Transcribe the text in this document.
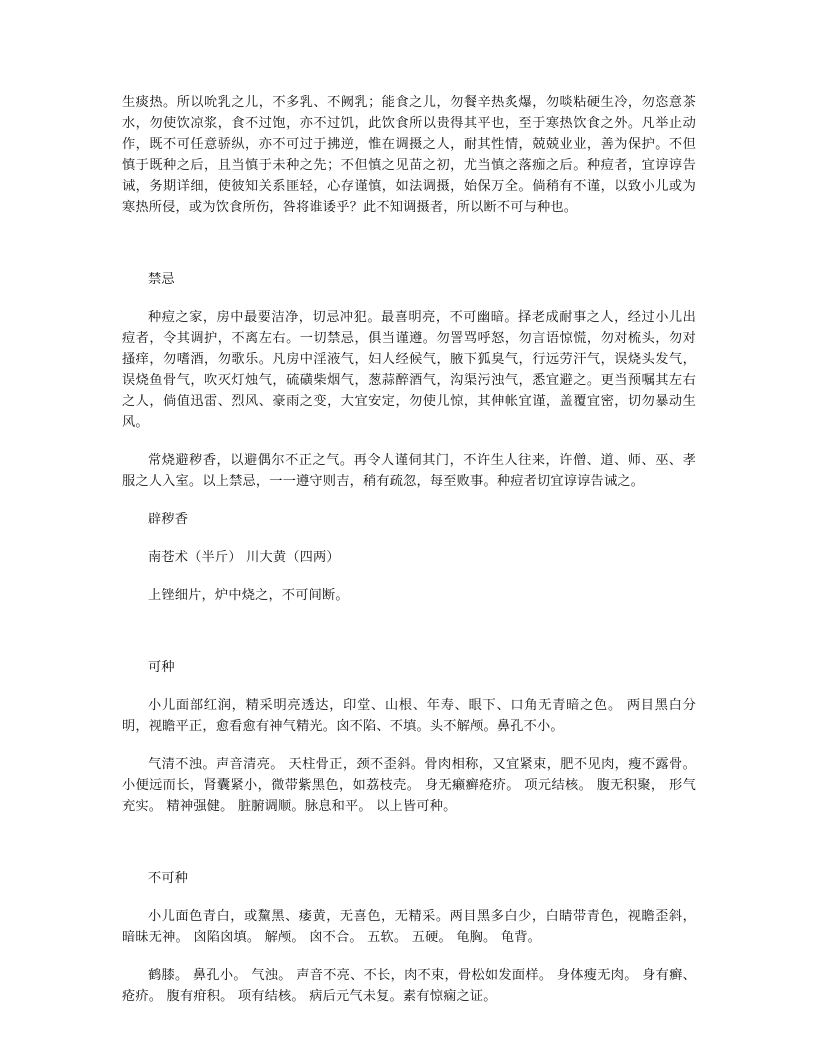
生痰热。所以吮乳之儿，不多乳、不阙乳；能食之儿，勿餐辛热炙爆，勿啖粘硬生冷，勿恣意茶水，勿使饮凉浆，食不过饱，亦不过饥，此饮食所以贵得其平也，至于寒热饮食之外。凡举止动作，既不可任意骄纵，亦不可过于拂逆，惟在调摄之人，耐其性情，兢兢业业，善为保护。不但慎于既种之后，且当慎于未种之先；不但慎之见苗之初，尤当慎之落痂之后。种痘者，宜谆谆告诫，务期详细，使彼知关系匪轻，心存谨慎，如法调摄，始保万全。倘稍有不谨，以致小儿或为寒热所侵，或为饮食所伤，咎将谁诿乎？此不知调摄者，所以断不可与种也。

禁忌

种痘之家，房中最要洁净，切忌冲犯。最喜明亮，不可幽暗。择老成耐事之人，经过小儿出痘者，令其调护，不离左右。一切禁忌，俱当谨遵。勿詈骂呼怒，勿言语惊慌，勿对梳头，勿对搔痒，勿嗜酒，勿歌乐。凡房中淫液气，妇人经候气，腋下狐臭气，行远劳汗气，误烧头发气，误烧鱼骨气，吹灭灯烛气，硫磺柴烟气，葱蒜醉酒气，沟渠污浊气，悉宜避之。更当预嘱其左右之人，倘值迅雷、烈风、豪雨之变，大宜安定，勿使儿惊，其伸帐宜谨，盖覆宜密，切勿暴动生风。

常烧避秽香，以避偶尔不正之气。再令人谨伺其门，不许生人往来，许僧、道、师、巫、孝服之人入室。以上禁忌，一一遵守则吉，稍有疏忽，每至败事。种痘者切宜谆谆告诫之。

辟秽香

南苍术（半斤） 川大黄（四两）

上锉细片，炉中烧之，不可间断。

可种

小儿面部红润，精采明亮透达，印堂、山根、年寿、眼下、口角无青暗之色。 两目黑白分明，视瞻平正，愈看愈有神气精光。囟不陷、不填。头不解颅。鼻孔不小。

气清不浊。声音清亮。 天柱骨正，颈不歪斜。骨肉相称，又宜紧束，肥不见肉，瘦不露骨。小便远而长，肾囊紧小，微带紫黑色，如荔枝壳。 身无癞癣疮疥。 项元结核。 腹无积聚， 形气充实。 精神强健。 脏腑调顺。脉息和平。 以上皆可种。

不可种

小儿面色青白，或黧黑、痿黄，无喜色，无精采。两目黑多白少，白睛带青色，视瞻歪斜，暗昧无神。 囟陷囟填。 解颅。 囟不合。 五软。 五硬。 龟胸。 龟背。

鹤膝。 鼻孔小。 气浊。 声音不亮、不长，肉不束，骨松如发面样。 身体瘦无肉。 身有癣、疮疥。 腹有疳积。 项有结核。 病后元气未复。素有惊痫之证。
